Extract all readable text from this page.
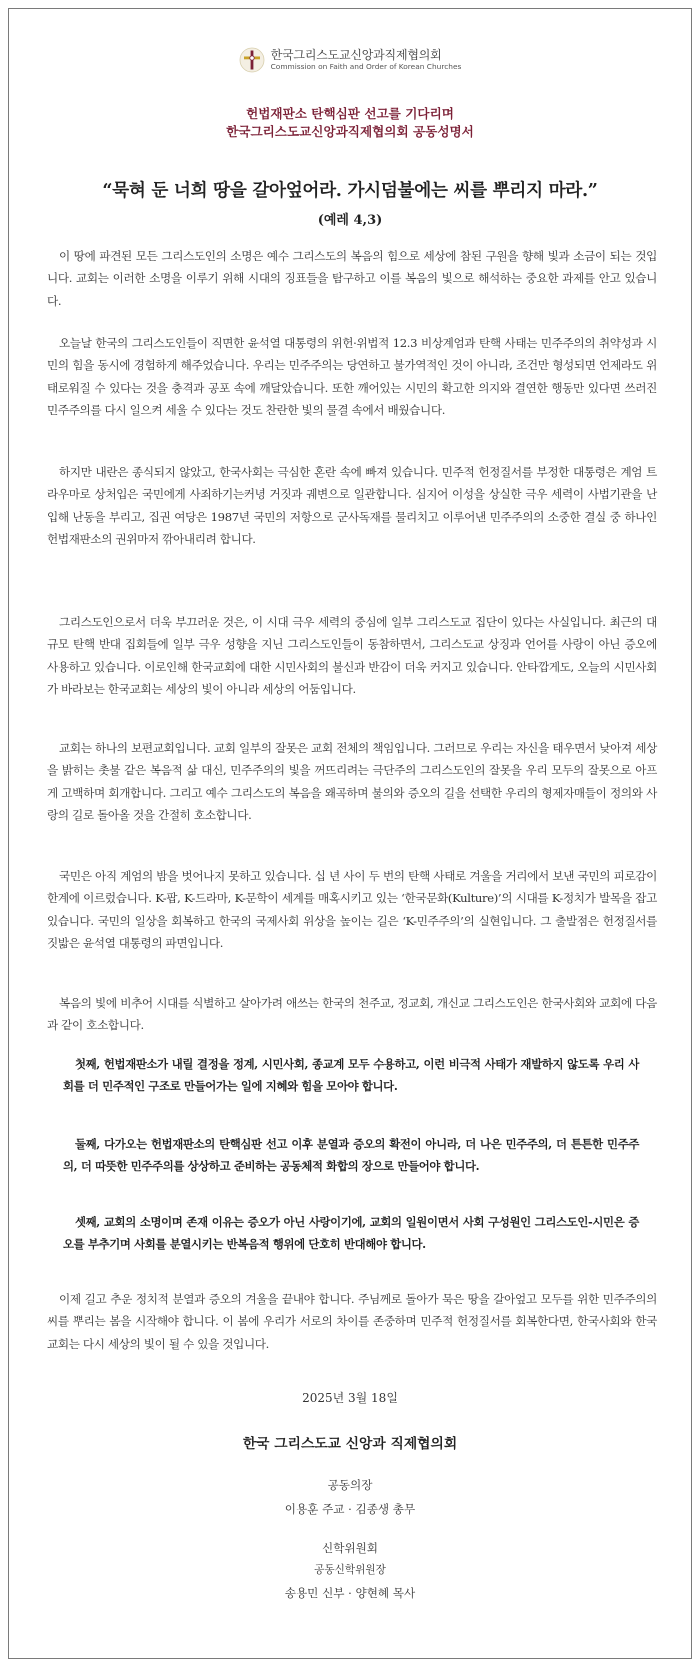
한국그리스도교신앙과직제협의회
Commission on Faith and Order of Korean Churches
헌법재판소 탄핵심판 선고를 기다리며
한국그리스도교신앙과직제협의회 공동성명서
“묵혀 둔 너희 땅을 갈아엎어라. 가시덤불에는 씨를 뿌리지 마라.”
(예레 4,3)

이 땅에 파견된 모든 그리스도인의 소명은 예수 그리스도의 복음의 힘으로 세상에 참된 구원을 향해 빛과 소금이 되는 것입니다. 교회는 이러한 소명을 이루기 위해 시대의 징표들을 탐구하고 이를 복음의 빛으로 해석하는 중요한 과제를 안고 있습니다.

오늘날 한국의 그리스도인들이 직면한 윤석열 대통령의 위헌·위법적 12.3 비상계엄과 탄핵 사태는 민주주의의 취약성과 시민의 힘을 동시에 경험하게 해주었습니다. 우리는 민주주의는 당연하고 불가역적인 것이 아니라, 조건만 형성되면 언제라도 위태로워질 수 있다는 것을 충격과 공포 속에 깨달았습니다. 또한 깨어있는 시민의 확고한 의지와 결연한 행동만 있다면 쓰러진 민주주의를 다시 일으켜 세울 수 있다는 것도 찬란한 빛의 물결 속에서 배웠습니다.

하지만 내란은 종식되지 않았고, 한국사회는 극심한 혼란 속에 빠져 있습니다. 민주적 헌정질서를 부정한 대통령은 계엄 트라우마로 상처입은 국민에게 사죄하기는커녕 거짓과 궤변으로 일관합니다. 심지어 이성을 상실한 극우 세력이 사법기관을 난입해 난동을 부리고, 집권 여당은 1987년 국민의 저항으로 군사독재를 물리치고 이루어낸 민주주의의 소중한 결실 중 하나인 헌법재판소의 권위마저 깎아내리려 합니다.

그리스도인으로서 더욱 부끄러운 것은, 이 시대 극우 세력의 중심에 일부 그리스도교 집단이 있다는 사실입니다. 최근의 대규모 탄핵 반대 집회들에 일부 극우 성향을 지닌 그리스도인들이 동참하면서, 그리스도교 상징과 언어를 사랑이 아닌 증오에 사용하고 있습니다. 이로인해 한국교회에 대한 시민사회의 불신과 반감이 더욱 커지고 있습니다. 안타깝게도, 오늘의 시민사회가 바라보는 한국교회는 세상의 빛이 아니라 세상의 어둠입니다.

교회는 하나의 보편교회입니다. 교회 일부의 잘못은 교회 전체의 책임입니다. 그러므로 우리는 자신을 태우면서 낮아져 세상을 밝히는 촛불 같은 복음적 삶 대신, 민주주의의 빛을 꺼뜨리려는 극단주의 그리스도인의 잘못을 우리 모두의 잘못으로 아프게 고백하며 회개합니다. 그리고 예수 그리스도의 복음을 왜곡하며 불의와 증오의 길을 선택한 우리의 형제자매들이 정의와 사랑의 길로 돌아올 것을 간절히 호소합니다.

국민은 아직 계엄의 밤을 벗어나지 못하고 있습니다. 십 년 사이 두 번의 탄핵 사태로 겨울을 거리에서 보낸 국민의 피로감이 한계에 이르렀습니다. K-팝, K-드라마, K-문학이 세계를 매혹시키고 있는 ‘한국문화(Kulture)’의 시대를 K-정치가 발목을 잡고 있습니다. 국민의 일상을 회복하고 한국의 국제사회 위상을 높이는 길은 ‘K-민주주의’의 실현입니다. 그 출발점은 헌정질서를 짓밟은 윤석열 대통령의 파면입니다.

복음의 빛에 비추어 시대를 식별하고 살아가려 애쓰는 한국의 천주교, 정교회, 개신교 그리스도인은 한국사회와 교회에 다음과 같이 호소합니다.

첫째, 헌법재판소가 내릴 결정을 정계, 시민사회, 종교계 모두 수용하고, 이런 비극적 사태가 재발하지 않도록 우리 사회를 더 민주적인 구조로 만들어가는 일에 지혜와 힘을 모아야 합니다.

둘째, 다가오는 헌법재판소의 탄핵심판 선고 이후 분열과 증오의 확전이 아니라, 더 나은 민주주의, 더 튼튼한 민주주의, 더 따뜻한 민주주의를 상상하고 준비하는 공동체적 화합의 장으로 만들어야 합니다.

셋째, 교회의 소명이며 존재 이유는 증오가 아닌 사랑이기에, 교회의 일원이면서 사회 구성원인 그리스도인-시민은 증오를 부추기며 사회를 분열시키는 반복음적 행위에 단호히 반대해야 합니다.

이제 길고 추운 정치적 분열과 증오의 겨울을 끝내야 합니다. 주님께로 돌아가 묵은 땅을 갈아엎고 모두를 위한 민주주의의 씨를 뿌리는 봄을 시작해야 합니다. 이 봄에 우리가 서로의 차이를 존중하며 민주적 헌정질서를 회복한다면, 한국사회와 한국교회는 다시 세상의 빛이 될 수 있을 것입니다.

2025년 3월 18일

한국 그리스도교 신앙과 직제협의회

공동의장

이용훈 주교 · 김종생 총무

신학위원회

공동신학위원장

송용민 신부 · 양현혜 목사
